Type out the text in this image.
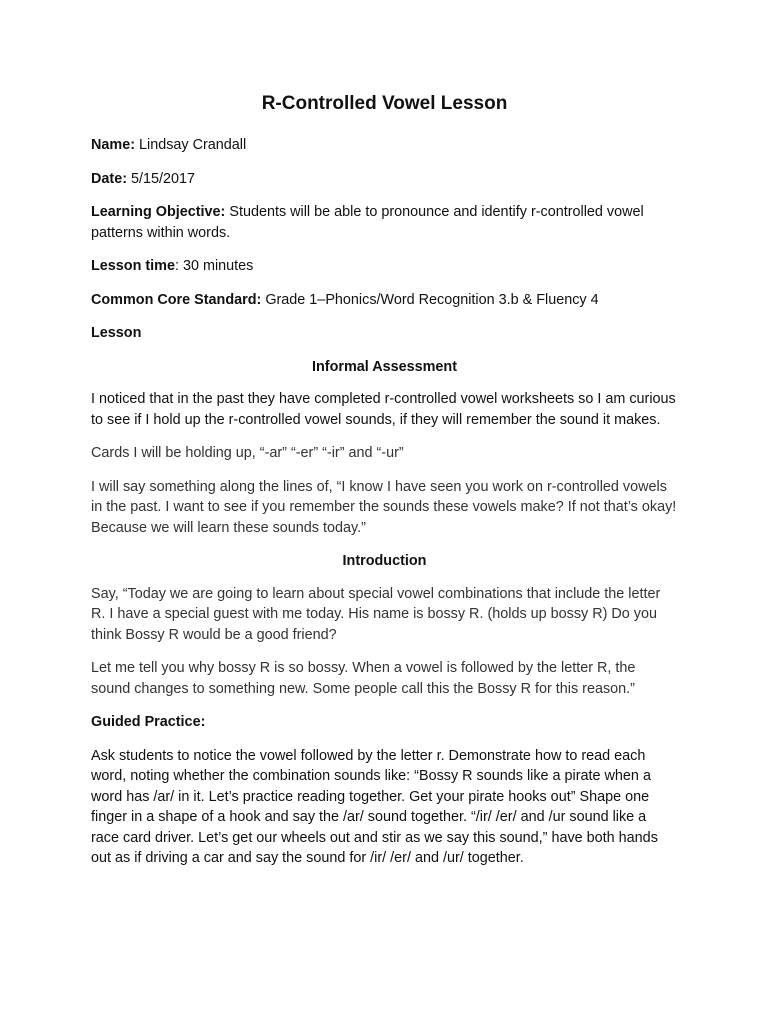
R-Controlled Vowel Lesson
Name: Lindsay Crandall
Date: 5/15/2017
Learning Objective: Students will be able to pronounce and identify r-controlled vowel patterns within words.
Lesson time: 30 minutes
Common Core Standard: Grade 1–Phonics/Word Recognition 3.b & Fluency 4
Lesson
Informal Assessment

I noticed that in the past they have completed r-controlled vowel worksheets so I am curious to see if I hold up the r-controlled vowel sounds, if they will remember the sound it makes.

Cards I will be holding up, “-ar” “-er” “-ir” and “-ur”

I will say something along the lines of, “I know I have seen you work on r-controlled vowels in the past. I want to see if you remember the sounds these vowels make? If not that’s okay! Because we will learn these sounds today.”

Introduction

Say, “Today we are going to learn about special vowel combinations that include the letter R. I have a special guest with me today. His name is bossy R. (holds up bossy R) Do you think Bossy R would be a good friend?

Let me tell you why bossy R is so bossy. When a vowel is followed by the letter R, the sound changes to something new. Some people call this the Bossy R for this reason.”

Guided Practice:

Ask students to notice the vowel followed by the letter r. Demonstrate how to read each word, noting whether the combination sounds like: “Bossy R sounds like a pirate when a word has /ar/ in it. Let’s practice reading together. Get your pirate hooks out” Shape one finger in a shape of a hook and say the /ar/ sound together. “/ir/ /er/ and /ur sound like a race card driver. Let’s get our wheels out and stir as we say this sound,” have both hands out as if driving a car and say the sound for /ir/ /er/ and /ur/ together.
